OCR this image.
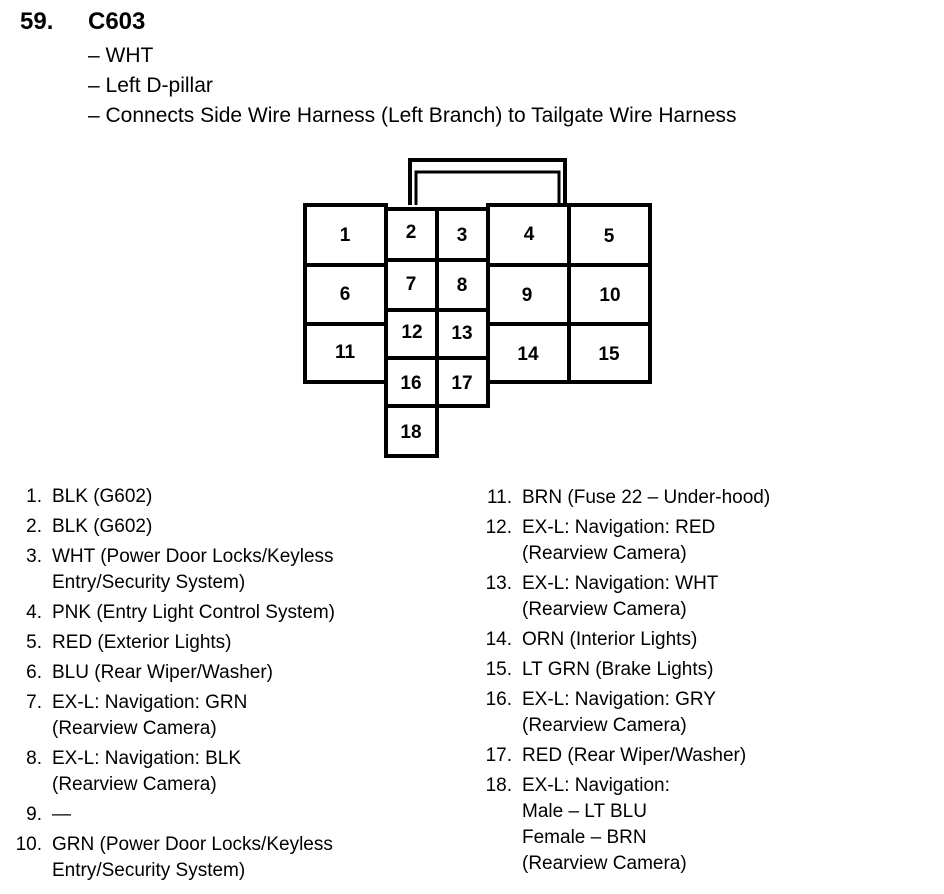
59. C603
– WHT
– Left D-pillar
– Connects Side Wire Harness (Left Branch) to Tailgate Wire Harness
1	2 3	4	5
6	7 8	9	10
11
12 13
14	15
16 17
18
1. BLK (G602)
2. BLK (G602)
3. WHT (Power Door Locks/Keyless
Entry/Security System)
4. PNK (Entry Light Control System)
5. RED (Exterior Lights)
6. BLU (Rear Wiper/Washer)
7. EX-L: Navigation: GRN
(Rearview Camera)
8. EX-L: Navigation: BLK
(Rearview Camera)
9. —
10. GRN (Power Door Locks/Keyless
Entry/Security System)
11. BRN (Fuse 22 – Under-hood)
12. EX-L: Navigation: RED
(Rearview Camera)
13. EX-L: Navigation: WHT
(Rearview Camera)
14. ORN (Interior Lights)
15. LT GRN (Brake Lights)
16. EX-L: Navigation: GRY
(Rearview Camera)
17. RED (Rear Wiper/Washer)
18. EX-L: Navigation:
Male – LT BLU
Female – BRN
(Rearview Camera)
